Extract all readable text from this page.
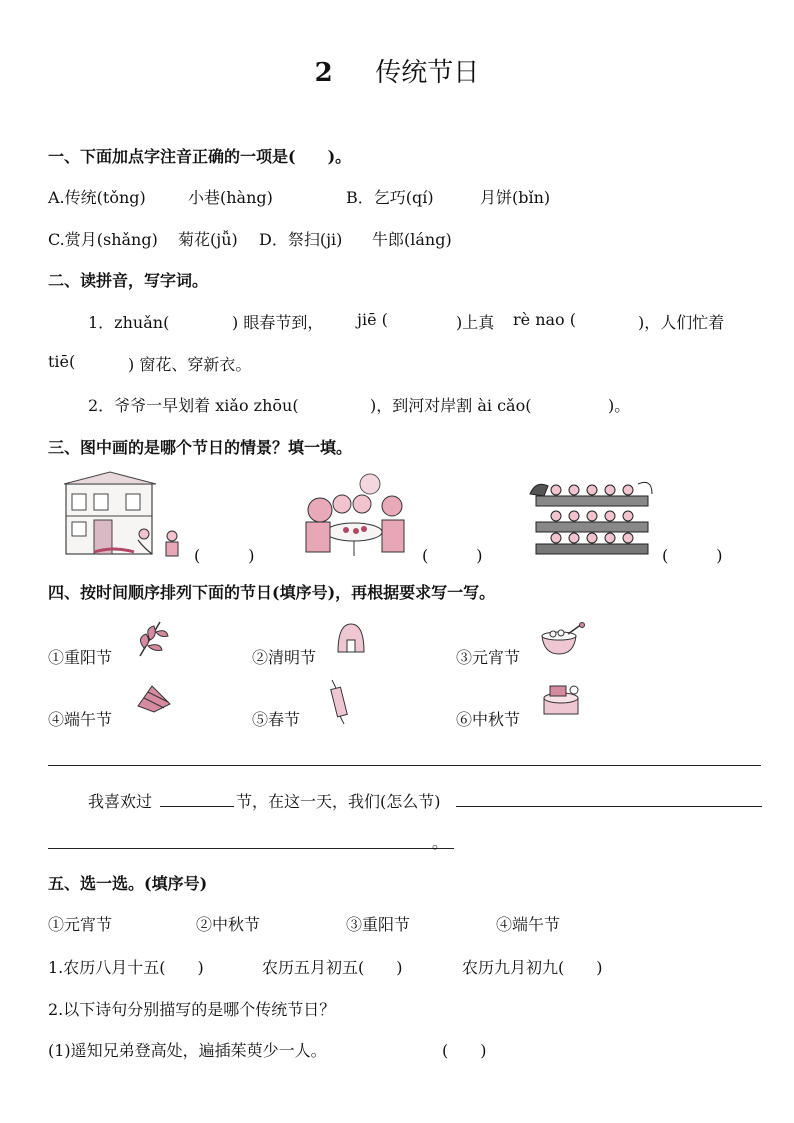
2 传统节日
一、下面加点字注音正确的一项是(　　)。
A.传统(tǒng)	小巷(hàng)	B．乞巧(qí)	月饼(bǐn)
C.赏月(shǎng) 菊花(jǚ) D．祭扫(ji) 牛郎(láng)
二、读拼音，写字词。
1．zhuǎn(	) 眼春节到， jiē (	)上真 rè nao (	)，人们忙着
tiē(	) 窗花、穿新衣。
2．爷爷一早划着 xiǎo zhōu(	)，到河对岸割 ài cǎo(	)。
三、图中画的是哪个节日的情景？填一填。
(　　　)	(　　　)	(　　　)
四、按时间顺序排列下面的节日(填序号)，再根据要求写一写。
①重阳节	②清明节	③元宵节
④端午节	⑤春节	⑥中秋节
我喜欢过	节，在这一天，我们(怎么节)
。
五、选一选。(填序号)
①元宵节	②中秋节	③重阳节	④端午节
1.农历八月十五(　　)	农历五月初五(　　)	农历九月初九(　　)
2.以下诗句分别描写的是哪个传统节日？
(1)遥知兄弟登高处，遍插茱萸少一人。	(　　)
